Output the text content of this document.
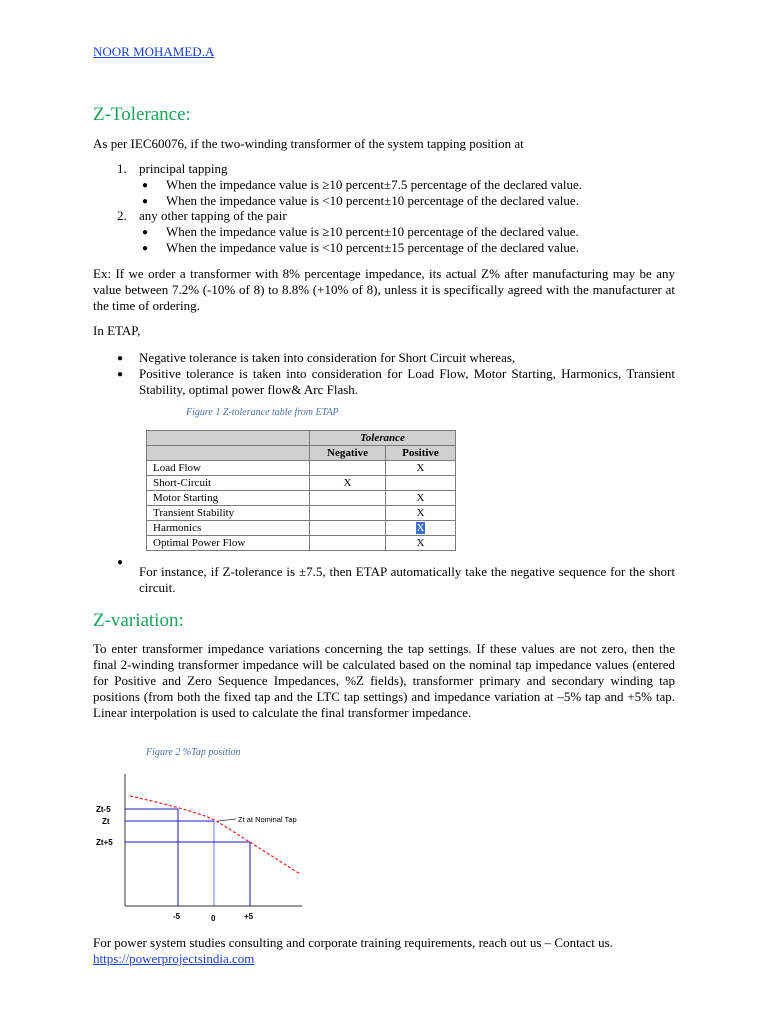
NOOR MOHAMED.A
Z-Tolerance:

As per IEC60076, if the two-winding transformer of the system tapping position at

1. principal tapping
● When the impedance value is ≥10 percent±7.5 percentage of the declared value.
● When the impedance value is <10 percent±10 percentage of the declared value.
2. any other tapping of the pair
● When the impedance value is ≥10 percent±10 percentage of the declared value.
● When the impedance value is <10 percent±15 percentage of the declared value.

Ex: If we order a transformer with 8% percentage impedance, its actual Z% after manufacturing may be any value between 7.2% (-10% of 8) to 8.8% (+10% of 8), unless it is specifically agreed with the manufacturer at the time of ordering.

In ETAP,

● Negative tolerance is taken into consideration for Short Circuit whereas,
● Positive tolerance is taken into consideration for Load Flow, Motor Starting, Harmonics, Transient Stability, optimal power flow& Arc Flash.
Figure 1 Z-tolerance table from ETAP
	Tolerance	
	Negative	Positive
Load Flow		X
Short-Circuit	X	
Motor Starting		X
Transient Stability		X
Harmonics		X
Optimal Power Flow		X
●
For instance, if Z-tolerance is ±7.5, then ETAP automatically take the negative sequence for the short circuit.
Z-variation:

To enter transformer impedance variations concerning the tap settings. If these values are not zero, then the final 2-winding transformer impedance will be calculated based on the nominal tap impedance values (entered for Positive and Zero Sequence Impedances, %Z fields), transformer primary and secondary winding tap positions (from both the fixed tap and the LTC tap settings) and impedance variation at –5% tap and +5% tap. Linear interpolation is used to calculate the final transformer impedance.

Figure 2 %Tap position
Zt at Nominal Tap
Zt-5
Zt
Zt+5
-5	0	+5

For power system studies consulting and corporate training requirements, reach out us – Contact us.

https://powerprojectsindia.com
